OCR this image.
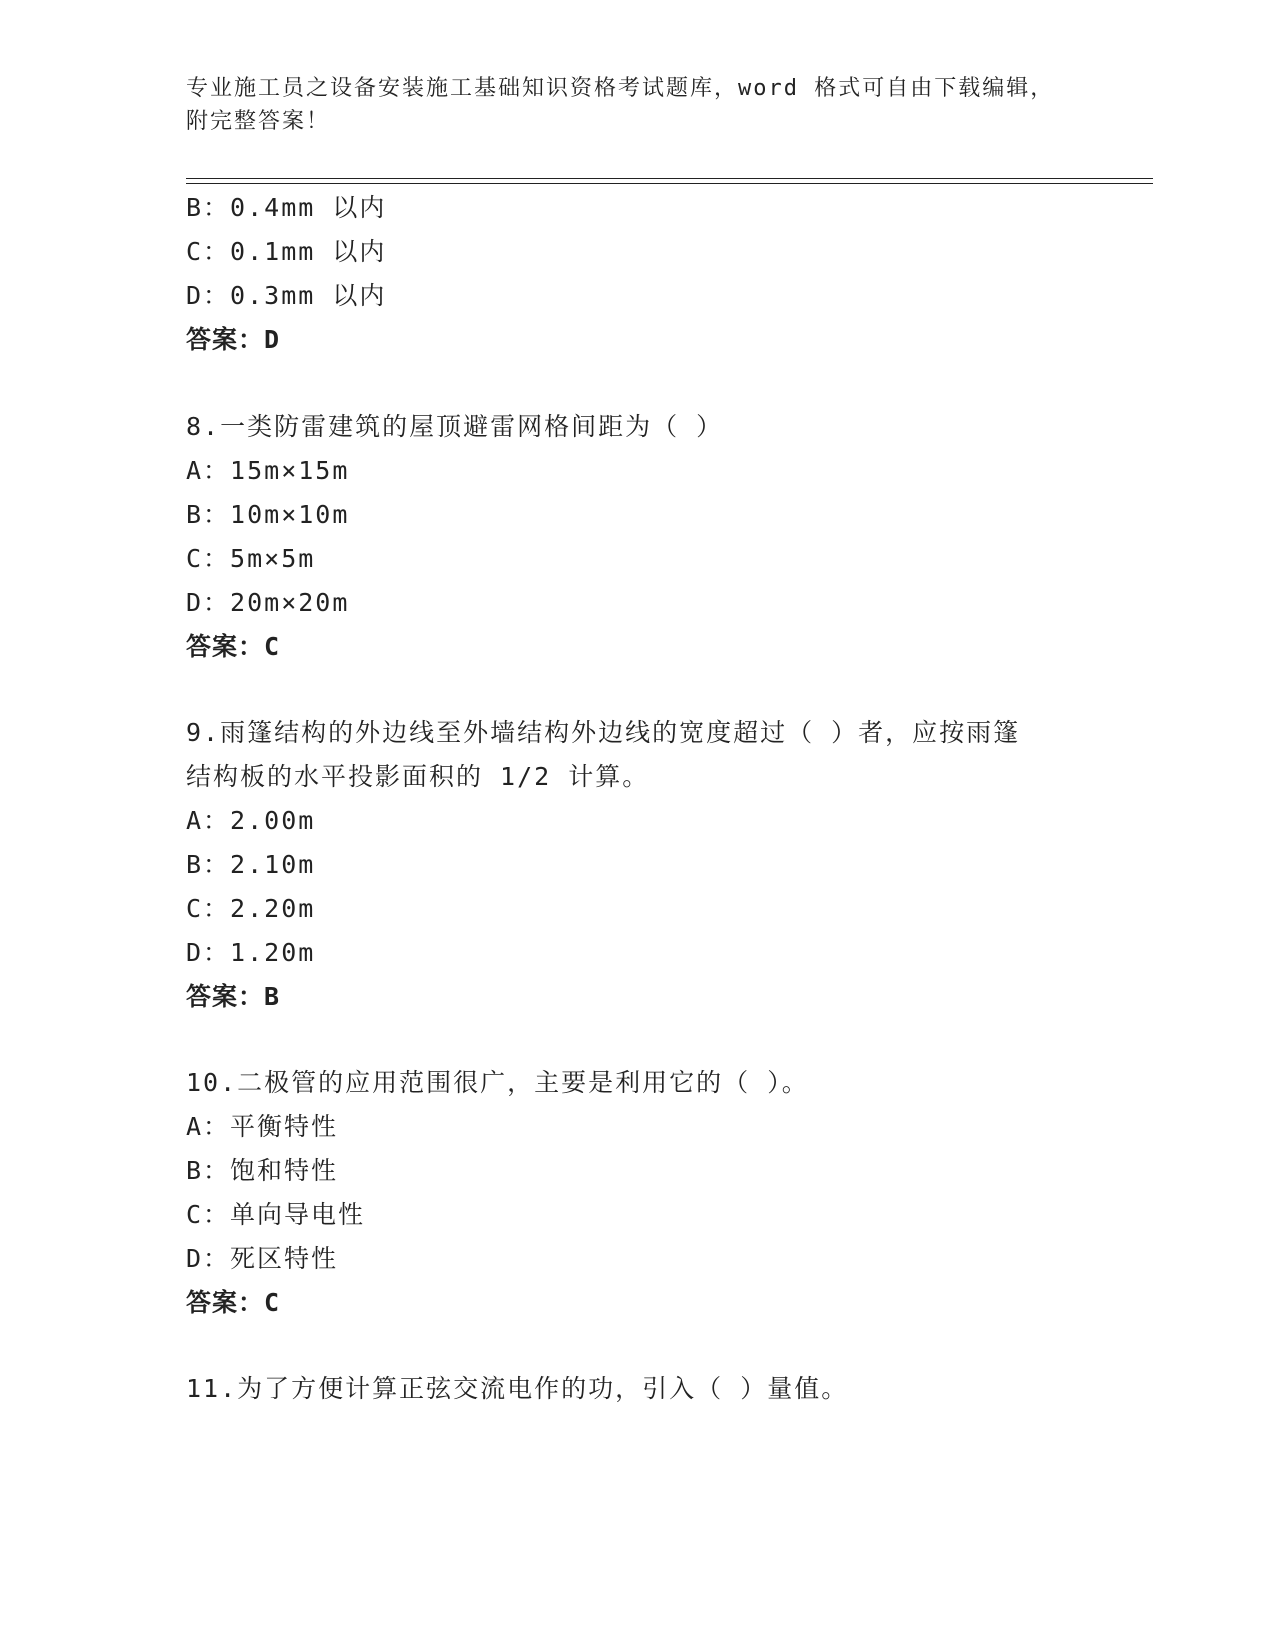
专业施工员之设备安装施工基础知识资格考试题库，word 格式可自由下载编辑，
附完整答案！
B：0.4mm 以内
C：0.1mm 以内
D：0.3mm 以内
答案：D
8.一类防雷建筑的屋顶避雷网格间距为（ ）
A：15m×15m
B：10m×10m
C：5m×5m
D：20m×20m
答案：C
9.雨篷结构的外边线至外墙结构外边线的宽度超过（ ）者，应按雨篷
结构板的水平投影面积的 1/2 计算。
A：2.00m
B：2.10m
C：2.20m
D：1.20m
答案：B
10.二极管的应用范围很广，主要是利用它的（ ）。
A：平衡特性
B：饱和特性
C：单向导电性
D：死区特性
答案：C
11.为了方便计算正弦交流电作的功，引入（ ）量值。
